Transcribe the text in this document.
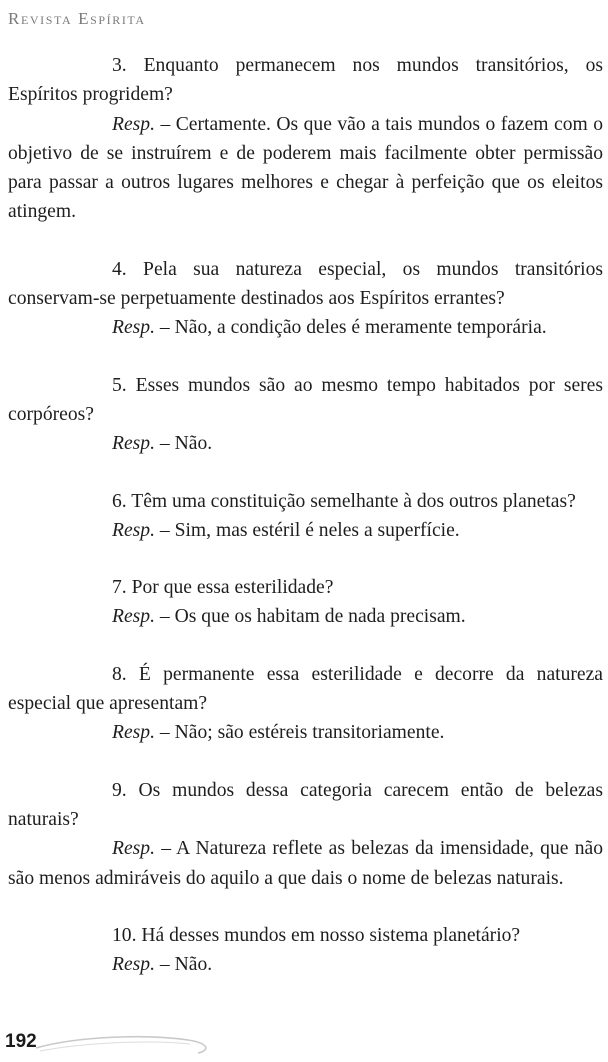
Revista Espírita

3. Enquanto permanecem nos mundos transitórios, os Espíritos progridem?

Resp. – Certamente. Os que vão a tais mundos o fazem com o objetivo de se instruírem e de poderem mais facilmente obter permissão para passar a outros lugares melhores e chegar à perfeição que os eleitos atingem.

4. Pela sua natureza especial, os mundos transitórios conservam-se perpetuamente destinados aos Espíritos errantes?

Resp. – Não, a condição deles é meramente temporária.

5. Esses mundos são ao mesmo tempo habitados por seres corpóreos?

Resp. – Não.

6. Têm uma constituição semelhante à dos outros planetas?

Resp. – Sim, mas estéril é neles a superfície.

7. Por que essa esterilidade?

Resp. – Os que os habitam de nada precisam.

8. É permanente essa esterilidade e decorre da natureza especial que apresentam?

Resp. – Não; são estéreis transitoriamente.

9. Os mundos dessa categoria carecem então de belezas naturais?

Resp. – A Natureza reflete as belezas da imensidade, que não são menos admiráveis do aquilo a que dais o nome de belezas naturais.

10. Há desses mundos em nosso sistema planetário?

Resp. – Não.

192
